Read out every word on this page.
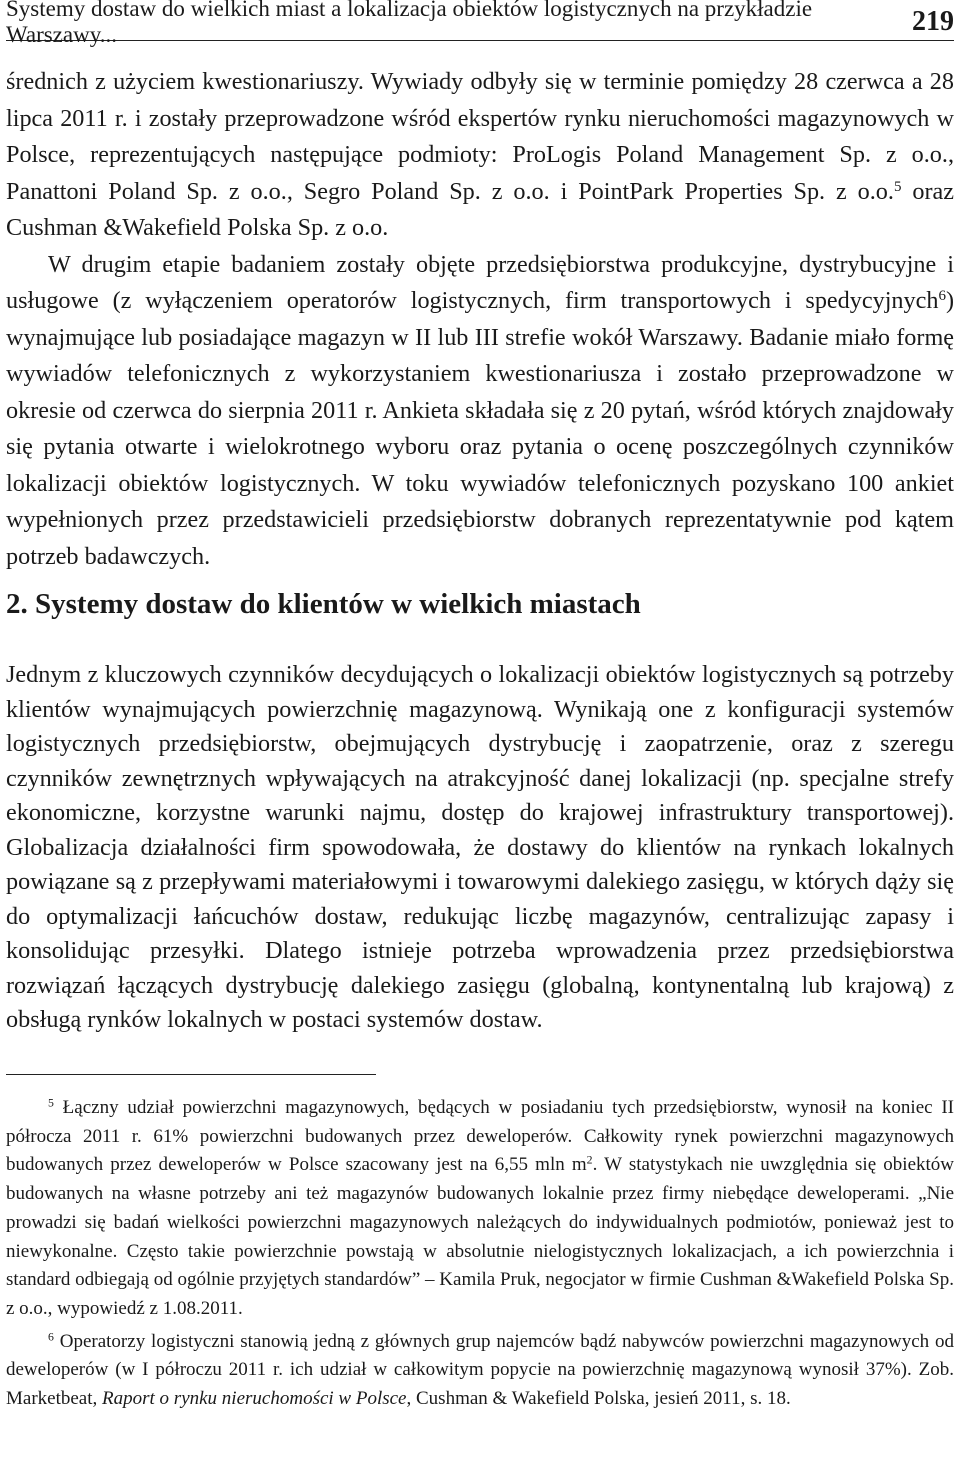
Systemy dostaw do wielkich miast a lokalizacja obiektów logistycznych na przykładzie Warszawy...	219

średnich z użyciem kwestionariuszy. Wywiady odbyły się w terminie pomiędzy 28 czerwca a 28 lipca 2011 r. i zostały przeprowadzone wśród ekspertów rynku nieruchomości magazynowych w Polsce, reprezentujących następujące podmioty: ProLogis Poland Management Sp. z o.o., Panattoni Poland Sp. z o.o., Segro Poland Sp. z o.o. i PointPark Properties Sp. z o.o.$^5$ oraz Cushman &Wakefield Polska Sp. z o.o.

W drugim etapie badaniem zostały objęte przedsiębiorstwa produkcyjne, dystrybucyjne i usługowe (z wyłączeniem operatorów logistycznych, firm transportowych i spedycyjnych$^6$) wynajmujące lub posiadające magazyn w II lub III strefie wokół Warszawy. Badanie miało formę wywiadów telefonicznych z wykorzystaniem kwestionariusza i zostało przeprowadzone w okresie od czerwca do sierpnia 2011 r. Ankieta składała się z 20 pytań, wśród których znajdowały się pytania otwarte i wielokrotnego wyboru oraz pytania o ocenę poszczególnych czynników lokalizacji obiektów logistycznych. W toku wywiadów telefonicznych pozyskano 100 ankiet wypełnionych przez przedstawicieli przedsiębiorstw dobranych reprezentatywnie pod kątem potrzeb badawczych.

2. Systemy dostaw do klientów w wielkich miastach

Jednym z kluczowych czynników decydujących o lokalizacji obiektów logistycznych są potrzeby klientów wynajmujących powierzchnię magazynową. Wynikają one z konfiguracji systemów logistycznych przedsiębiorstw, obejmujących dystrybucję i zaopatrzenie, oraz z szeregu czynników zewnętrznych wpływających na atrakcyjność danej lokalizacji (np. specjalne strefy ekonomiczne, korzystne warunki najmu, dostęp do krajowej infrastruktury transportowej). Globalizacja działalności firm spowodowała, że dostawy do klientów na rynkach lokalnych powiązane są z przepływami materiałowymi i towarowymi dalekiego zasięgu, w których dąży się do optymalizacji łańcuchów dostaw, redukując liczbę magazynów, centralizując zapasy i konsolidując przesyłki. Dlatego istnieje potrzeba wprowadzenia przez przedsiębiorstwa rozwiązań łączących dystrybucję dalekiego zasięgu (globalną, kontynentalną lub krajową) z obsługą rynków lokalnych w postaci systemów dostaw.

$^5$ Łączny udział powierzchni magazynowych, będących w posiadaniu tych przedsiębiorstw, wynosił na koniec II półrocza 2011 r. 61% powierzchni budowanych przez deweloperów. Całkowity rynek powierzchni magazynowych budowanych przez deweloperów w Polsce szacowany jest na 6,55 mln $m^2$. W statystykach nie uwzględnia się obiektów budowanych na własne potrzeby ani też magazynów budowanych lokalnie przez firmy niebędące deweloperami. „Nie prowadzi się badań wielkości powierzchni magazynowych należących do indywidualnych podmiotów, ponieważ jest to niewykonalne. Często takie powierzchnie powstają w absolutnie nielogistycznych lokalizacjach, a ich powierzchnia i standard odbiegają od ogólnie przyjętych standardów” – Kamila Pruk, negocjator w firmie Cushman &Wakefield Polska Sp. z o.o., wypowiedź z 1.08.2011.

$^6$ Operatorzy logistyczni stanowią jedną z głównych grup najemców bądź nabywców powierzchni magazynowych od deweloperów (w I półroczu 2011 r. ich udział w całkowitym popycie na powierzchnię magazynową wynosił 37%). Zob. Marketbeat, Raport o rynku nieruchomości w Polsce, Cushman & Wakefield Polska, jesień 2011, s. 18.
